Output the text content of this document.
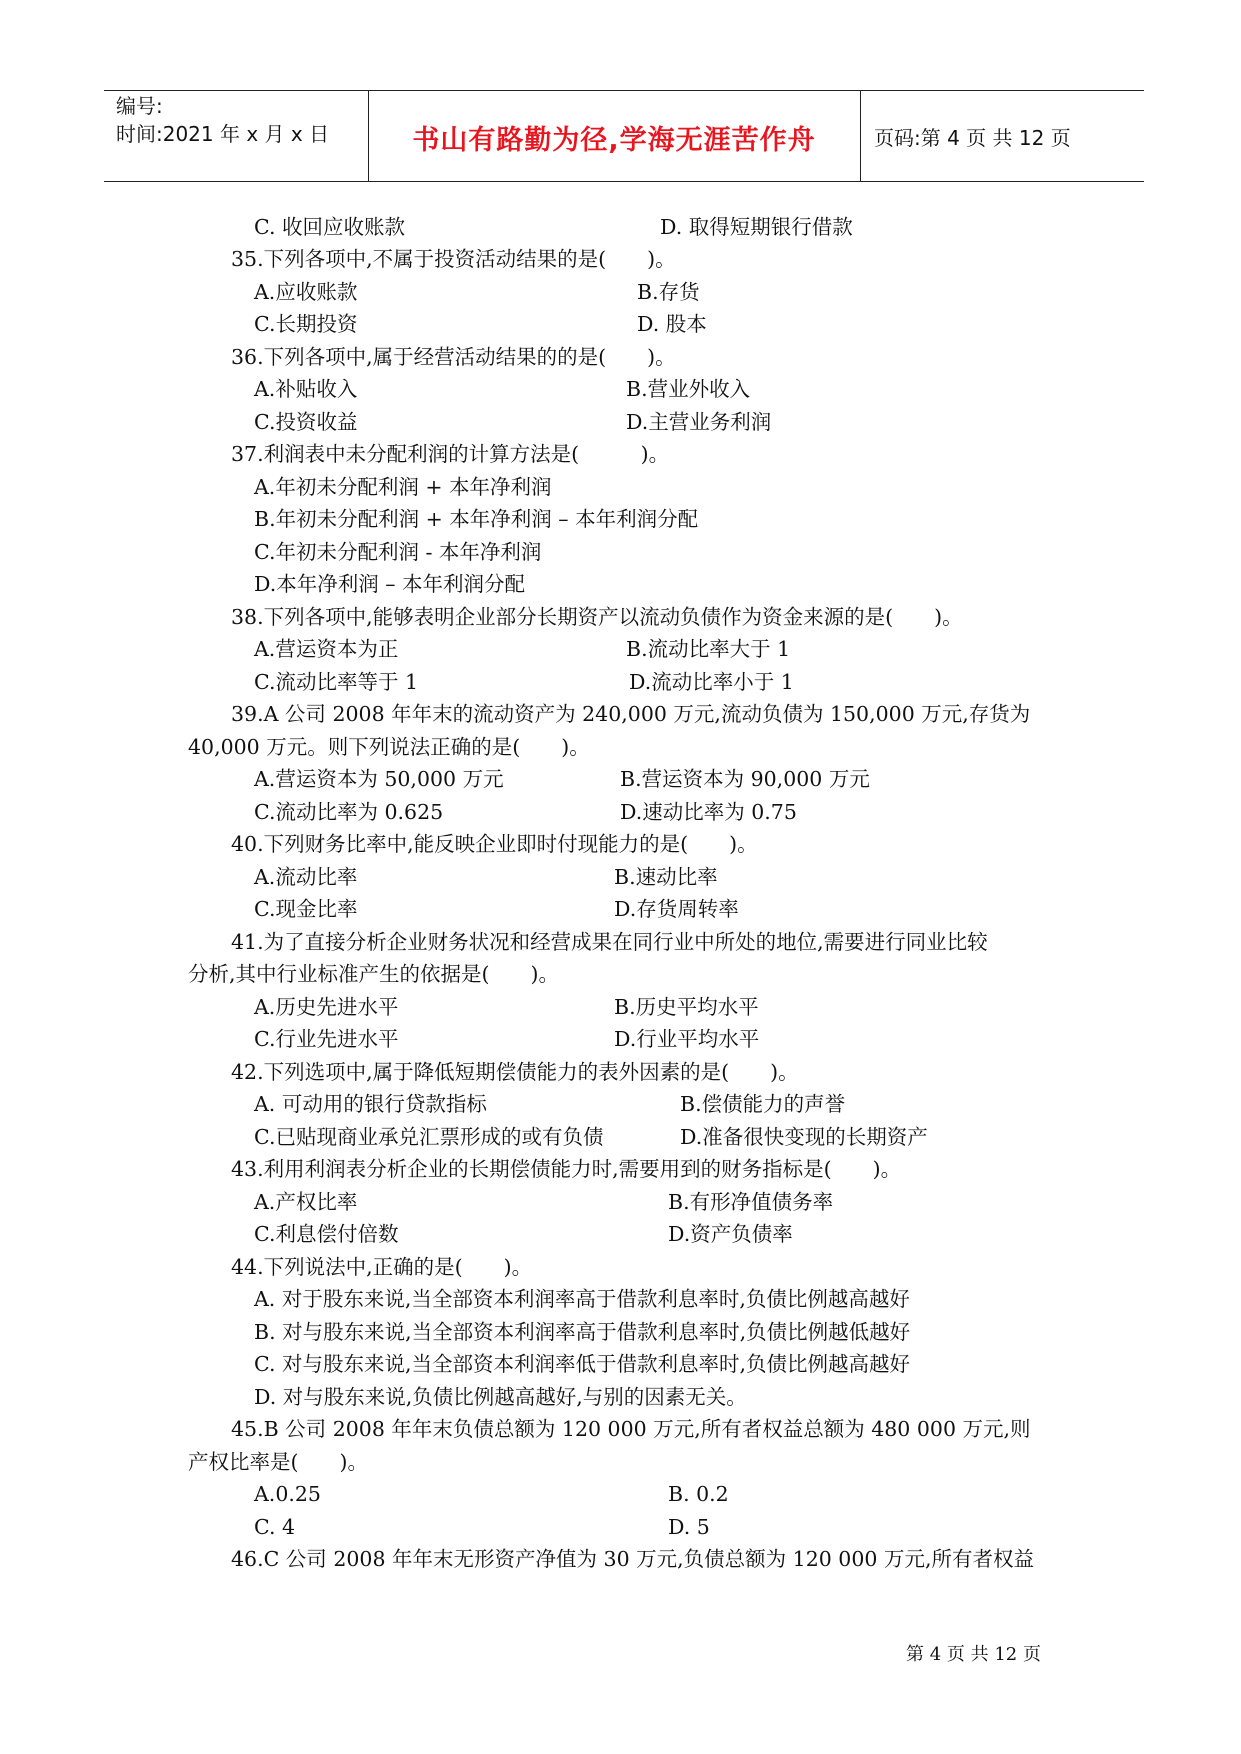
编号:
时间:2021 年 x 月 x 日	书山有路勤为径,学海无涯苦作舟	页码:第 4 页 共 12 页
C. 收回应收账款	D. 取得短期银行借款
35.下列各项中,不属于投资活动结果的是(　　)。
A.应收账款	B.存货
C.长期投资	D. 股本
36.下列各项中,属于经营活动结果的的是(　　)。
A.补贴收入	B.营业外收入
C.投资收益	D.主营业务利润
37.利润表中未分配利润的计算方法是(　　　)。
A.年初未分配利润 + 本年净利润
B.年初未分配利润 + 本年净利润 – 本年利润分配
C.年初未分配利润 - 本年净利润
D.本年净利润 – 本年利润分配
38.下列各项中,能够表明企业部分长期资产以流动负债作为资金来源的是(　　)。
A.营运资本为正	B.流动比率大于 1
C.流动比率等于 1	D.流动比率小于 1
39.A 公司 2008 年年末的流动资产为 240,000 万元,流动负债为 150,000 万元,存货为
40,000 万元。则下列说法正确的是(　　)。
A.营运资本为 50,000 万元	B.营运资本为 90,000 万元
C.流动比率为 0.625	D.速动比率为 0.75
40.下列财务比率中,能反映企业即时付现能力的是(　　)。
A.流动比率	B.速动比率
C.现金比率	D.存货周转率
41.为了直接分析企业财务状况和经营成果在同行业中所处的地位,需要进行同业比较
分析,其中行业标准产生的依据是(　　)。
A.历史先进水平	B.历史平均水平
C.行业先进水平	D.行业平均水平
42.下列选项中,属于降低短期偿债能力的表外因素的是(　　)。
A. 可动用的银行贷款指标	B.偿债能力的声誉
C.已贴现商业承兑汇票形成的或有负债	D.准备很快变现的长期资产
43.利用利润表分析企业的长期偿债能力时,需要用到的财务指标是(　　)。
A.产权比率	B.有形净值债务率
C.利息偿付倍数	D.资产负债率
44.下列说法中,正确的是(　　)。
A. 对于股东来说,当全部资本利润率高于借款利息率时,负债比例越高越好
B. 对与股东来说,当全部资本利润率高于借款利息率时,负债比例越低越好
C. 对与股东来说,当全部资本利润率低于借款利息率时,负债比例越高越好
D. 对与股东来说,负债比例越高越好,与别的因素无关。
45.B 公司 2008 年年末负债总额为 120 000 万元,所有者权益总额为 480 000 万元,则
产权比率是(　　)。
A.0.25	B. 0.2
C. 4	D. 5
46.C 公司 2008 年年末无形资产净值为 30 万元,负债总额为 120 000 万元,所有者权益
第 4 页 共 12 页
